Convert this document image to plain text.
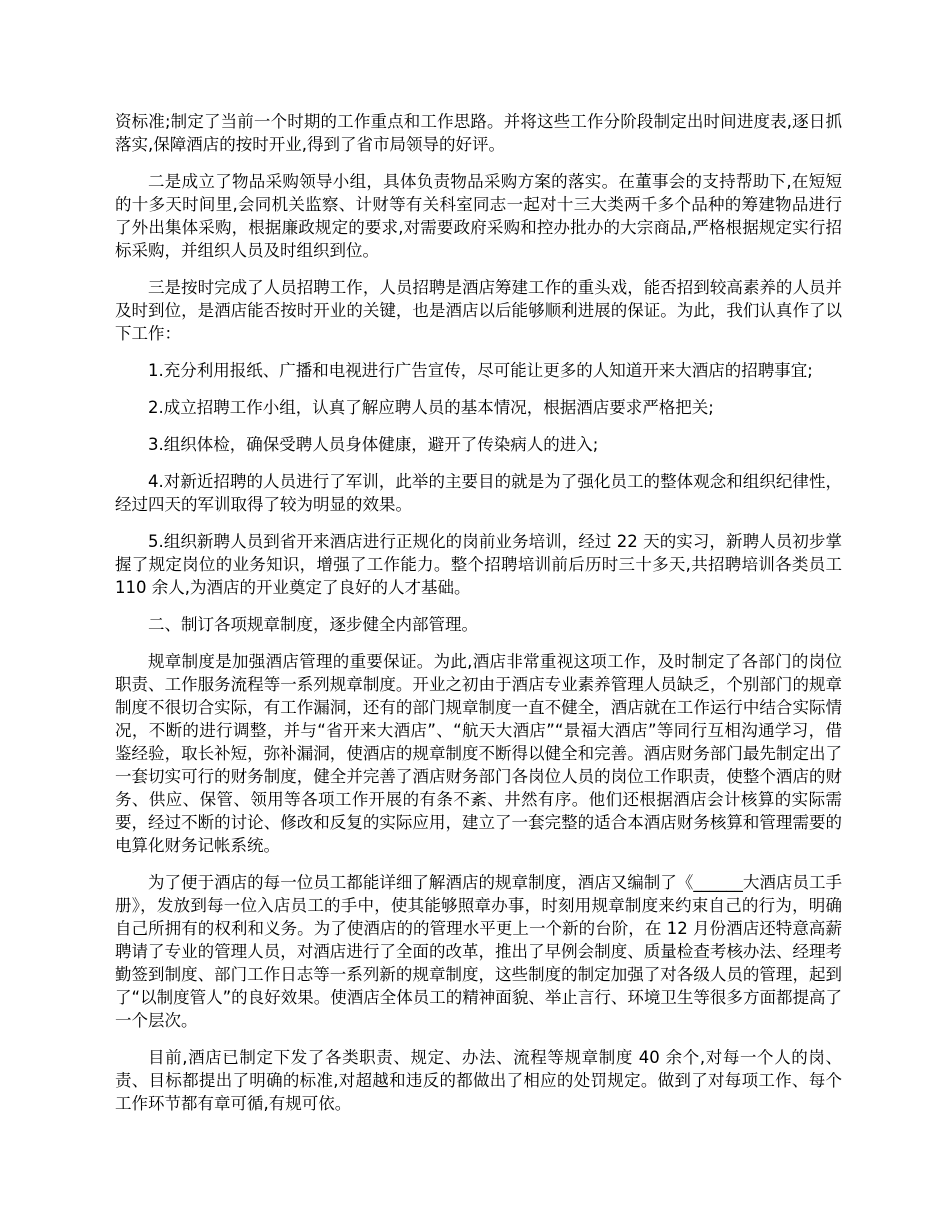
资标准;制定了当前一个时期的工作重点和工作思路。并将这些工作分阶段制定出时间进度表,逐日抓落实,保障酒店的按时开业,得到了省市局领导的好评。

二是成立了物品采购领导小组，具体负责物品采购方案的落实。在董事会的支持帮助下,在短短的十多天时间里,会同机关监察、计财等有关科室同志一起对十三大类两千多个品种的筹建物品进行了外出集体采购，根据廉政规定的要求,对需要政府采购和控办批办的大宗商品,严格根据规定实行招标采购，并组织人员及时组织到位。

三是按时完成了人员招聘工作，人员招聘是酒店筹建工作的重头戏，能否招到较高素养的人员并及时到位，是酒店能否按时开业的关键，也是酒店以后能够顺利进展的保证。为此，我们认真作了以下工作：

1.充分利用报纸、广播和电视进行广告宣传，尽可能让更多的人知道开来大酒店的招聘事宜;

2.成立招聘工作小组，认真了解应聘人员的基本情况，根据酒店要求严格把关;

3.组织体检，确保受聘人员身体健康，避开了传染病人的进入;

4.对新近招聘的人员进行了军训，此举的主要目的就是为了强化员工的整体观念和组织纪律性，经过四天的军训取得了较为明显的效果。

5.组织新聘人员到省开来酒店进行正规化的岗前业务培训，经过 22 天的实习，新聘人员初步掌握了规定岗位的业务知识，增强了工作能力。整个招聘培训前后历时三十多天,共招聘培训各类员工 110 余人,为酒店的开业奠定了良好的人才基础。

二、制订各项规章制度，逐步健全内部管理。

规章制度是加强酒店管理的重要保证。为此,酒店非常重视这项工作，及时制定了各部门的岗位职责、工作服务流程等一系列规章制度。开业之初由于酒店专业素养管理人员缺乏，个别部门的规章制度不很切合实际，有工作漏洞，还有的部门规章制度一直不健全，酒店就在工作运行中结合实际情况，不断的进行调整，并与“省开来大酒店”、“航天大酒店”“景福大酒店”等同行互相沟通学习，借鉴经验，取长补短，弥补漏洞，使酒店的规章制度不断得以健全和完善。酒店财务部门最先制定出了一套切实可行的财务制度，健全并完善了酒店财务部门各岗位人员的岗位工作职责，使整个酒店的财务、供应、保管、领用等各项工作开展的有条不紊、井然有序。他们还根据酒店会计核算的实际需要，经过不断的讨论、修改和反复的实际应用，建立了一套完整的适合本酒店财务核算和管理需要的电算化财务记帐系统。

为了便于酒店的每一位员工都能详细了解酒店的规章制度，酒店又编制了《______大酒店员工手册》，发放到每一位入店员工的手中，使其能够照章办事，时刻用规章制度来约束自己的行为，明确自己所拥有的权利和义务。为了使酒店的的管理水平更上一个新的台阶，在 12 月份酒店还特意高薪聘请了专业的管理人员，对酒店进行了全面的改革，推出了早例会制度、质量检查考核办法、经理考勤签到制度、部门工作日志等一系列新的规章制度，这些制度的制定加强了对各级人员的管理，起到了“以制度管人”的良好效果。使酒店全体员工的精神面貌、举止言行、环境卫生等很多方面都提高了一个层次。

目前,酒店已制定下发了各类职责、规定、办法、流程等规章制度 40 余个,对每一个人的岗、责、目标都提出了明确的标准,对超越和违反的都做出了相应的处罚规定。做到了对每项工作、每个工作环节都有章可循,有规可依。
